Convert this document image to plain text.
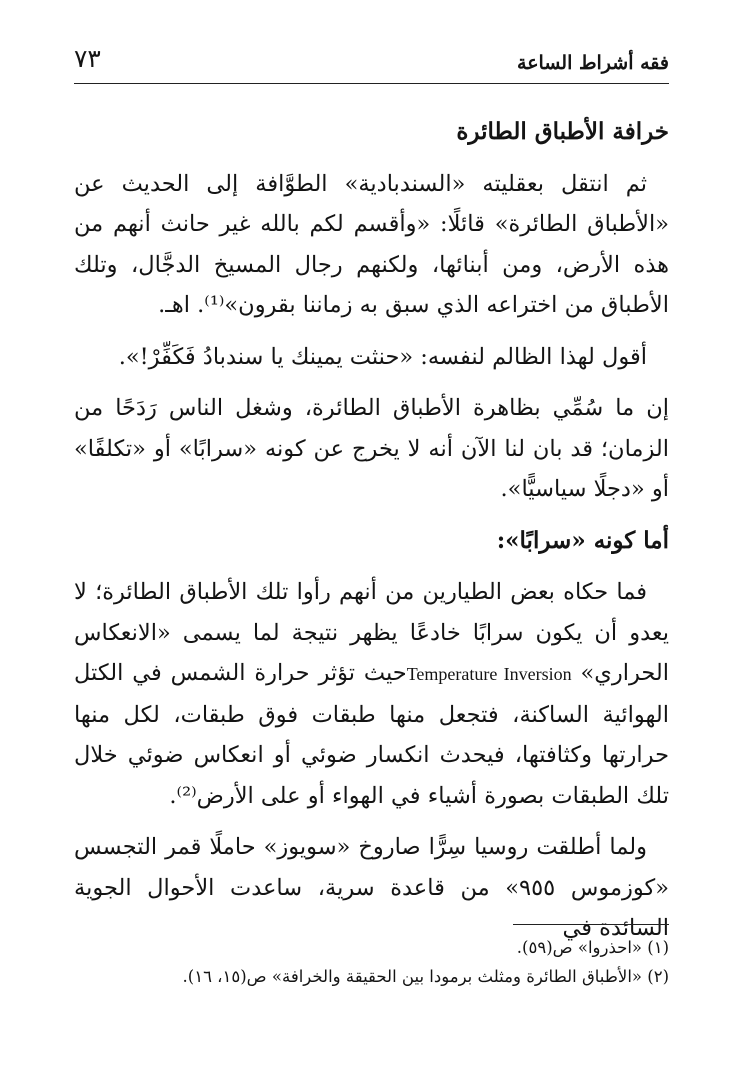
٧٣	فقه أشراط الساعة

خرافة الأطباق الطائرة

ثم انتقل بعقليته «السندبادية» الطوَّافة إلى الحديث عن «الأطباق الطائرة» قائلًا: «وأقسم لكم بالله غير حانث أنهم من هذه الأرض، ومن أبنائها، ولكنهم رجال المسيخ الدجَّال، وتلك الأطباق من اختراعه الذي سبق به زماننا بقرون»⁽¹⁾. اهـ.

أقول لهذا الظالم لنفسه: «حنثت يمينك يا سندبادُ فَكَفِّرْ!».

إن ما سُمِّي بظاهرة الأطباق الطائرة، وشغل الناس رَدَحًا من الزمان؛ قد بان لنا الآن أنه لا يخرج عن كونه «سرابًا» أو «تكلفًا» أو «دجلًا سياسيًّا».

أما كونه «سرابًا»:

فما حكاه بعض الطيارين من أنهم رأوا تلك الأطباق الطائرة؛ لا يعدو أن يكون سرابًا خادعًا يظهر نتيجة لما يسمى «الانعكاس الحراري» Temperature Inversionحيث تؤثر حرارة الشمس في الكتل الهوائية الساكنة، فتجعل منها طبقات فوق طبقات، لكل منها حرارتها وكثافتها، فيحدث انكسار ضوئي أو انعكاس ضوئي خلال تلك الطبقات بصورة أشياء في الهواء أو على الأرض⁽²⁾.

ولما أطلقت روسيا سِرًّا صاروخ «سويوز» حاملًا قمر التجسس «كوزموس ٩٥٥» من قاعدة سرية، ساعدت الأحوال الجوية السائدة في

(١) «احذروا» ص(٥٩).

(٢) «الأطباق الطائرة ومثلث برمودا بين الحقيقة والخرافة» ص(١٥، ١٦).
